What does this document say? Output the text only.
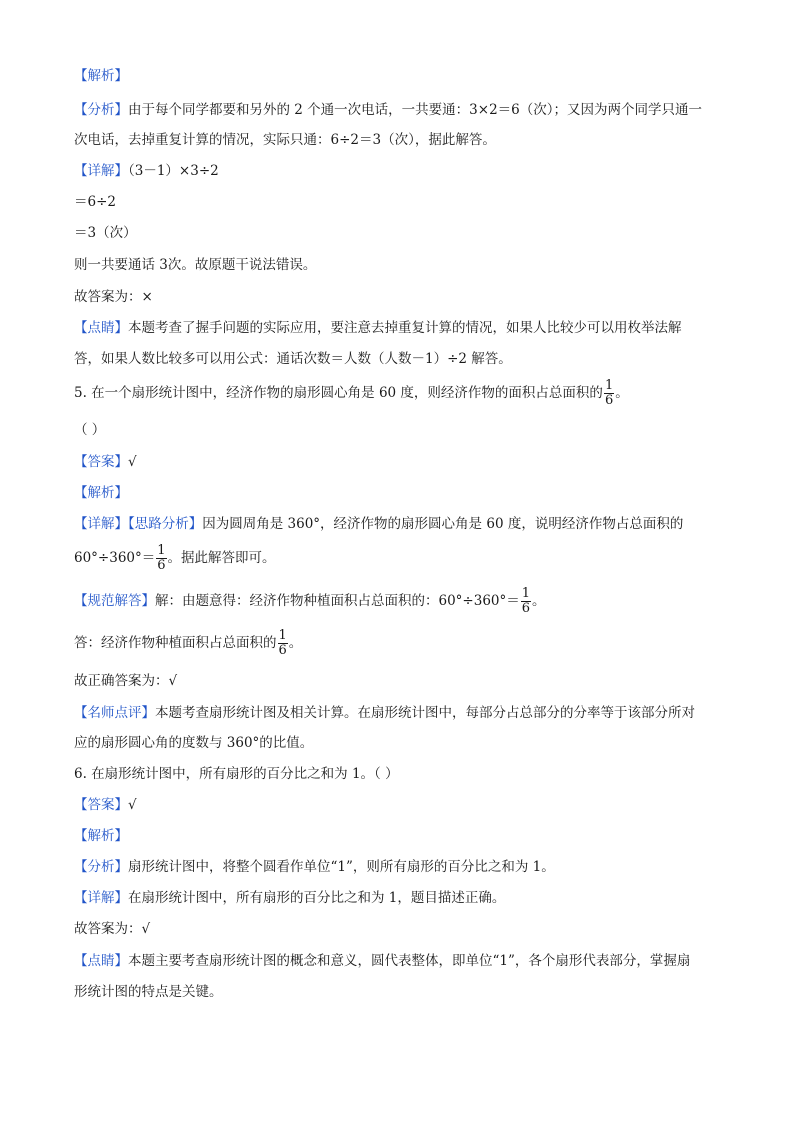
【解析】
【分析】由于每个同学都要和另外的 2 个通一次电话，一共要通：3×2＝6（次）；又因为两个同学只通一
次电话，去掉重复计算的情况，实际只通：6÷2＝3（次），据此解答。
【详解】（3－1）×3÷2
＝6÷2
＝3（次）
则一共要通话 3次。故原题干说法错误。
故答案为：×
【点睛】本题考查了握手问题的实际应用，要注意去掉重复计算的情况，如果人比较少可以用枚举法解
答，如果人数比较多可以用公式：通话次数＝人数（人数－1）÷2 解答。
5. 在一个扇形统计图中，经济作物的扇形圆心角是 60 度，则经济作物的面积占总面积的 $\frac{1}{6}$ 。
（ ）
【答案】√
【解析】
【详解】【思路分析】因为圆周角是 360°，经济作物的扇形圆心角是 60 度，说明经济作物占总面积的
$60^\circ\div 360^\circ= \frac{1}{6}$ 。据此解答即可。
【规范解答】解：由题意得：经济作物种植面积占总面积的：$60^\circ\div 360^\circ= \frac{1}{6}$ 。
答：经济作物种植面积占总面积的 $\frac{1}{6}$ 。
故正确答案为：√
【名师点评】本题考查扇形统计图及相关计算。在扇形统计图中，每部分占总部分的分率等于该部分所对
应的扇形圆心角的度数与 360°的比值。
6. 在扇形统计图中，所有扇形的百分比之和为 1。（ ）
【答案】√
【解析】
【分析】扇形统计图中，将整个圆看作单位“1”，则所有扇形的百分比之和为 1。
【详解】在扇形统计图中，所有扇形的百分比之和为 1，题目描述正确。
故答案为：√
【点睛】本题主要考查扇形统计图的概念和意义，圆代表整体，即单位“1”，各个扇形代表部分，掌握扇
形统计图的特点是关键。
